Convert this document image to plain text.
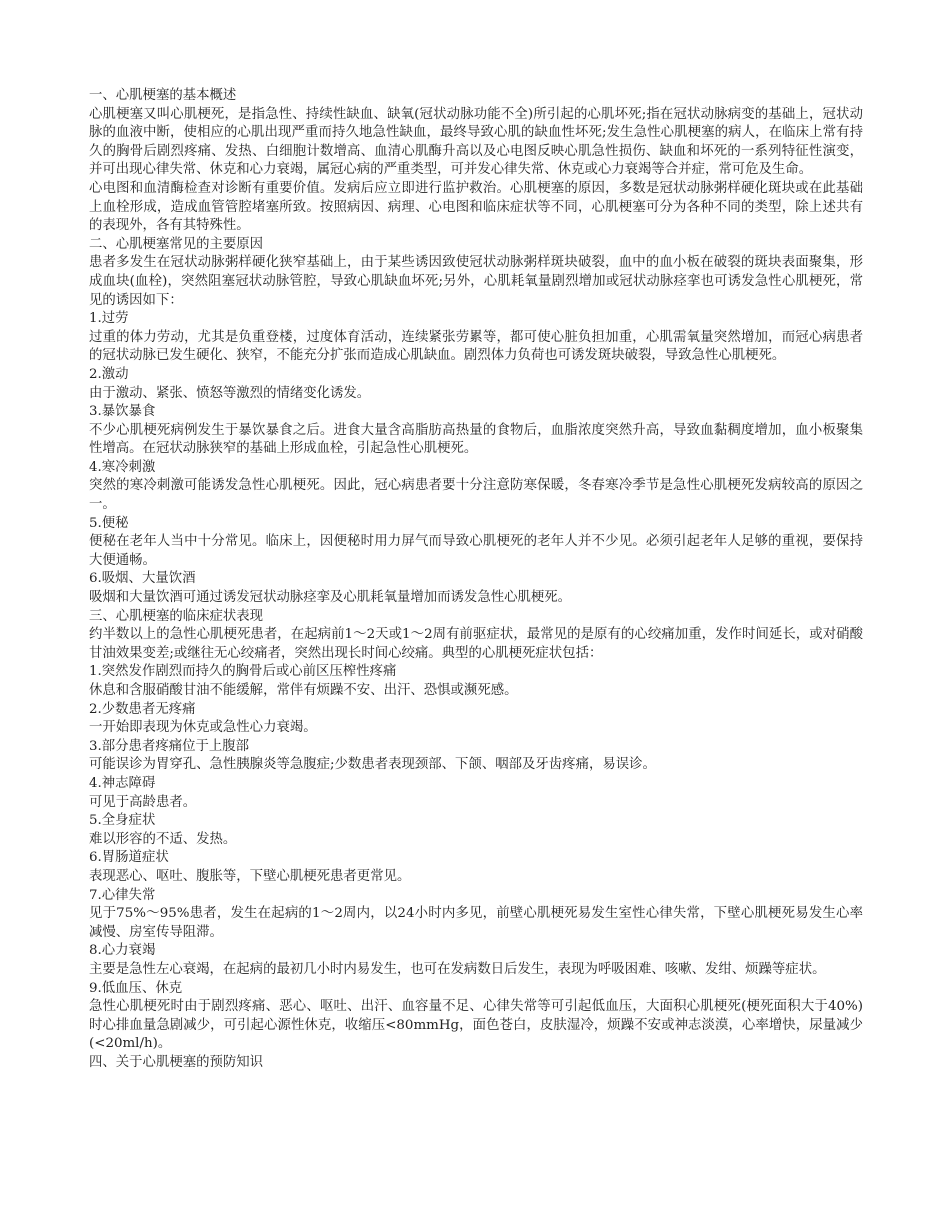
一、心肌梗塞的基本概述

心肌梗塞又叫心肌梗死，是指急性、持续性缺血、缺氧(冠状动脉功能不全)所引起的心肌坏死;指在冠状动脉病变的基础上，冠状动脉的血液中断，使相应的心肌出现严重而持久地急性缺血，最终导致心肌的缺血性坏死;发生急性心肌梗塞的病人，在临床上常有持久的胸骨后剧烈疼痛、发热、白细胞计数增高、血清心肌酶升高以及心电图反映心肌急性损伤、缺血和坏死的一系列特征性演变，并可出现心律失常、休克和心力衰竭，属冠心病的严重类型，可并发心律失常、休克或心力衰竭等合并症，常可危及生命。

心电图和血清酶检查对诊断有重要价值。发病后应立即进行监护救治。心肌梗塞的原因，多数是冠状动脉粥样硬化斑块或在此基础上血栓形成，造成血管管腔堵塞所致。按照病因、病理、心电图和临床症状等不同，心肌梗塞可分为各种不同的类型，除上述共有的表现外，各有其特殊性。

二、心肌梗塞常见的主要原因

患者多发生在冠状动脉粥样硬化狭窄基础上，由于某些诱因致使冠状动脉粥样斑块破裂，血中的血小板在破裂的斑块表面聚集，形成血块(血栓)，突然阻塞冠状动脉管腔，导致心肌缺血坏死;另外，心肌耗氧量剧烈增加或冠状动脉痉挛也可诱发急性心肌梗死，常见的诱因如下：

1.过劳

过重的体力劳动，尤其是负重登楼，过度体育活动，连续紧张劳累等，都可使心脏负担加重，心肌需氧量突然增加，而冠心病患者的冠状动脉已发生硬化、狭窄，不能充分扩张而造成心肌缺血。剧烈体力负荷也可诱发斑块破裂，导致急性心肌梗死。

2.激动

由于激动、紧张、愤怒等激烈的情绪变化诱发。

3.暴饮暴食

不少心肌梗死病例发生于暴饮暴食之后。进食大量含高脂肪高热量的食物后，血脂浓度突然升高，导致血黏稠度增加，血小板聚集性增高。在冠状动脉狭窄的基础上形成血栓，引起急性心肌梗死。

4.寒冷刺激

突然的寒冷刺激可能诱发急性心肌梗死。因此，冠心病患者要十分注意防寒保暖，冬春寒冷季节是急性心肌梗死发病较高的原因之一。

5.便秘

便秘在老年人当中十分常见。临床上，因便秘时用力屏气而导致心肌梗死的老年人并不少见。必须引起老年人足够的重视，要保持大便通畅。

6.吸烟、大量饮酒

吸烟和大量饮酒可通过诱发冠状动脉痉挛及心肌耗氧量增加而诱发急性心肌梗死。

三、心肌梗塞的临床症状表现

约半数以上的急性心肌梗死患者，在起病前1～2天或1～2周有前驱症状，最常见的是原有的心绞痛加重，发作时间延长，或对硝酸甘油效果变差;或继往无心绞痛者，突然出现长时间心绞痛。典型的心肌梗死症状包括：

1.突然发作剧烈而持久的胸骨后或心前区压榨性疼痛

休息和含服硝酸甘油不能缓解，常伴有烦躁不安、出汗、恐惧或濒死感。

2.少数患者无疼痛

一开始即表现为休克或急性心力衰竭。

3.部分患者疼痛位于上腹部

可能误诊为胃穿孔、急性胰腺炎等急腹症;少数患者表现颈部、下颌、咽部及牙齿疼痛，易误诊。

4.神志障碍

可见于高龄患者。

5.全身症状

难以形容的不适、发热。

6.胃肠道症状

表现恶心、呕吐、腹胀等，下壁心肌梗死患者更常见。

7.心律失常

见于75%～95%患者，发生在起病的1～2周内，以24小时内多见，前壁心肌梗死易发生室性心律失常，下壁心肌梗死易发生心率减慢、房室传导阻滞。

8.心力衰竭

主要是急性左心衰竭，在起病的最初几小时内易发生，也可在发病数日后发生，表现为呼吸困难、咳嗽、发绀、烦躁等症状。

9.低血压、休克

急性心肌梗死时由于剧烈疼痛、恶心、呕吐、出汗、血容量不足、心律失常等可引起低血压，大面积心肌梗死(梗死面积大于40%)时心排血量急剧减少，可引起心源性休克，收缩压<80mmHg，面色苍白，皮肤湿冷，烦躁不安或神志淡漠，心率增快，尿量减少(<20ml/h)。

四、关于心肌梗塞的预防知识
